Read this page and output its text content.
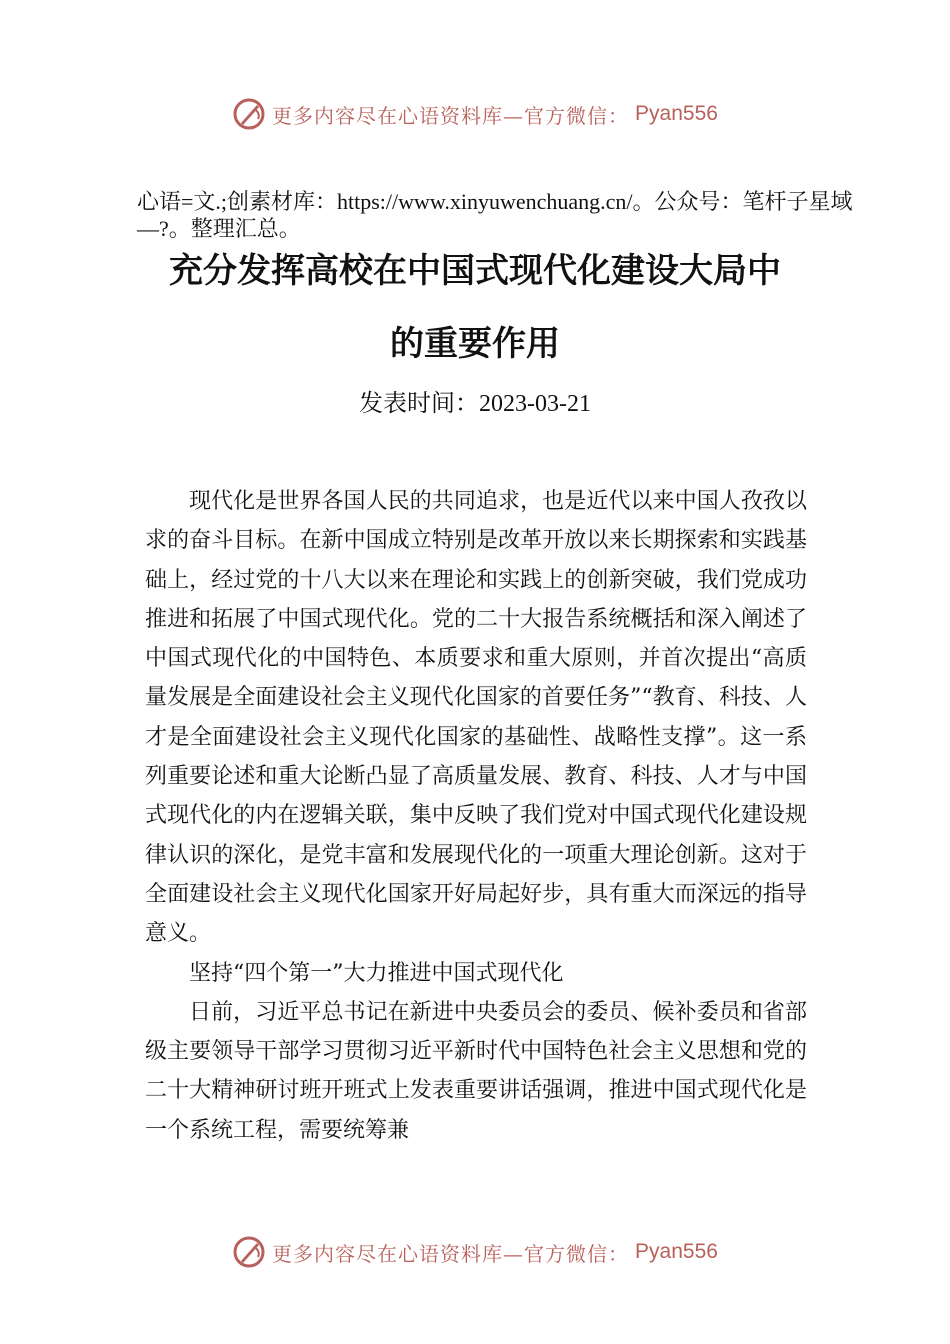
更多内容尽在心语资料库—官方微信： Pyan556
心语=文.;创素材库：https://www.xinyuwenchuang.cn/。公众号：笔杆子星域—?。整理汇总。
充分发挥高校在中国式现代化建设大局中
的重要作用
发表时间：2023-03-21

现代化是世界各国人民的共同追求，也是近代以来中国人孜孜以求的奋斗目标。在新中国成立特别是改革开放以来长期探索和实践基础上，经过党的十八大以来在理论和实践上的创新突破，我们党成功推进和拓展了中国式现代化。党的二十大报告系统概括和深入阐述了中国式现代化的中国特色、本质要求和重大原则，并首次提出“高质量发展是全面建设社会主义现代化国家的首要任务”“教育、科技、人才是全面建设社会主义现代化国家的基础性、战略性支撑”。这一系列重要论述和重大论断凸显了高质量发展、教育、科技、人才与中国式现代化的内在逻辑关联，集中反映了我们党对中国式现代化建设规律认识的深化，是党丰富和发展现代化的一项重大理论创新。这对于全面建设社会主义现代化国家开好局起好步，具有重大而深远的指导意义。

坚持“四个第一”大力推进中国式现代化

日前，习近平总书记在新进中央委员会的委员、候补委员和省部级主要领导干部学习贯彻习近平新时代中国特色社会主义思想和党的二十大精神研讨班开班式上发表重要讲话强调，推进中国式现代化是一个系统工程，需要统筹兼

更多内容尽在心语资料库—官方微信： Pyan556
